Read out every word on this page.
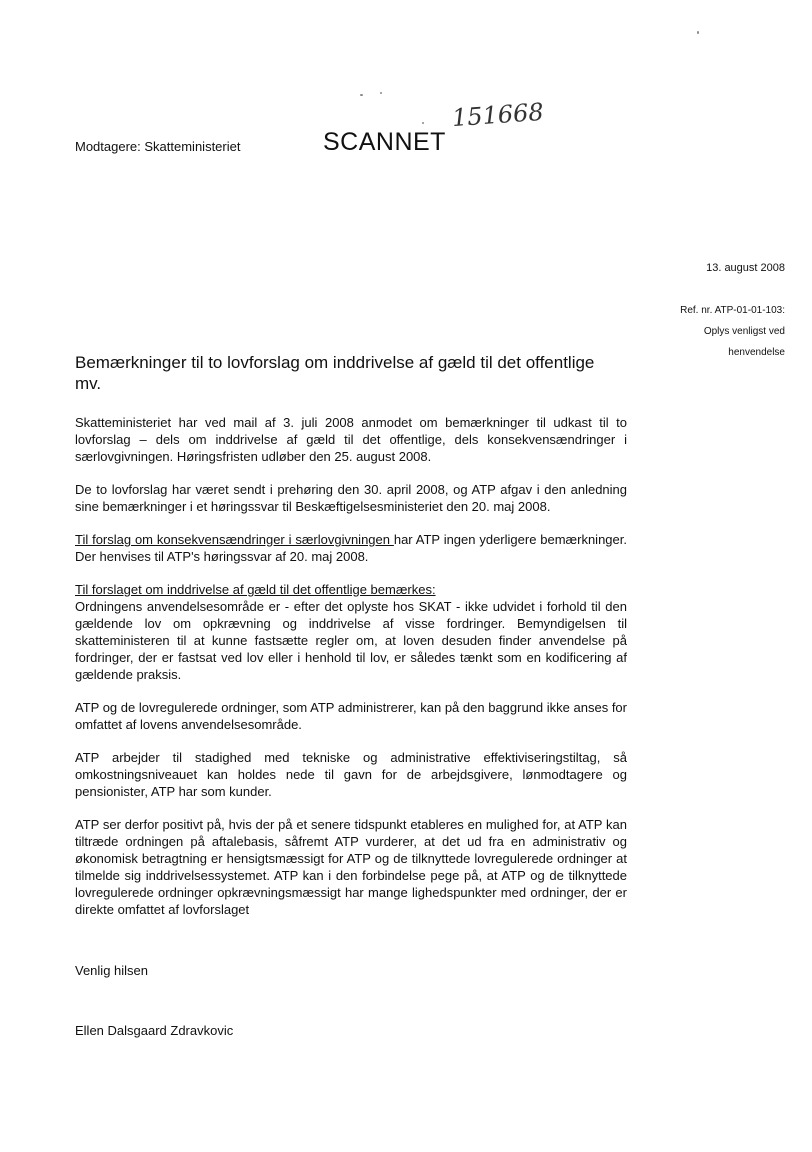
Modtagere: Skatteministeriet	SCANNET
151668
13. august 2008
Ref. nr. ATP-01-01-103:
Oplys venligst ved
henvendelse
Bemærkninger til to lovforslag om inddrivelse af gæld til det offentlige mv.

Skatteministeriet har ved mail af 3. juli 2008 anmodet om bemærkninger til udkast til to lovforslag – dels om inddrivelse af gæld til det offentlige, dels konsekvensændringer i særlovgivningen. Høringsfristen udløber den 25. august 2008.

De to lovforslag har været sendt i prehøring den 30. april 2008, og ATP afgav i den anledning sine bemærkninger i et høringssvar til Beskæftigelsesministeriet den 20. maj 2008.

Til forslag om konsekvensændringer i særlovgivningen har ATP ingen yderligere bemærkninger. Der henvises til ATP's høringssvar af 20. maj 2008.

Til forslaget om inddrivelse af gæld til det offentlige bemærkes:
Ordningens anvendelsesområde er - efter det oplyste hos SKAT - ikke udvidet i forhold til den gældende lov om opkrævning og inddrivelse af visse fordringer. Bemyndigelsen til skatteministeren til at kunne fastsætte regler om, at loven desuden finder anvendelse på fordringer, der er fastsat ved lov eller i henhold til lov, er således tænkt som en kodificering af gældende praksis.

ATP og de lovregulerede ordninger, som ATP administrerer, kan på den baggrund ikke anses for omfattet af lovens anvendelsesområde.

ATP arbejder til stadighed med tekniske og administrative effektiviseringstiltag, så omkostningsniveauet kan holdes nede til gavn for de arbejdsgivere, lønmodtagere og pensionister, ATP har som kunder.

ATP ser derfor positivt på, hvis der på et senere tidspunkt etableres en mulighed for, at ATP kan tiltræde ordningen på aftalebasis, såfremt ATP vurderer, at det ud fra en administrativ og økonomisk betragtning er hensigtsmæssigt for ATP og de tilknyttede lovregulerede ordninger at tilmelde sig inddrivelsessystemet. ATP kan i den forbindelse pege på, at ATP og de tilknyttede lovregulerede ordninger opkrævningsmæssigt har mange lighedspunkter med ordninger, der er direkte omfattet af lovforslaget

Venlig hilsen
Ellen Dalsgaard Zdravkovic
